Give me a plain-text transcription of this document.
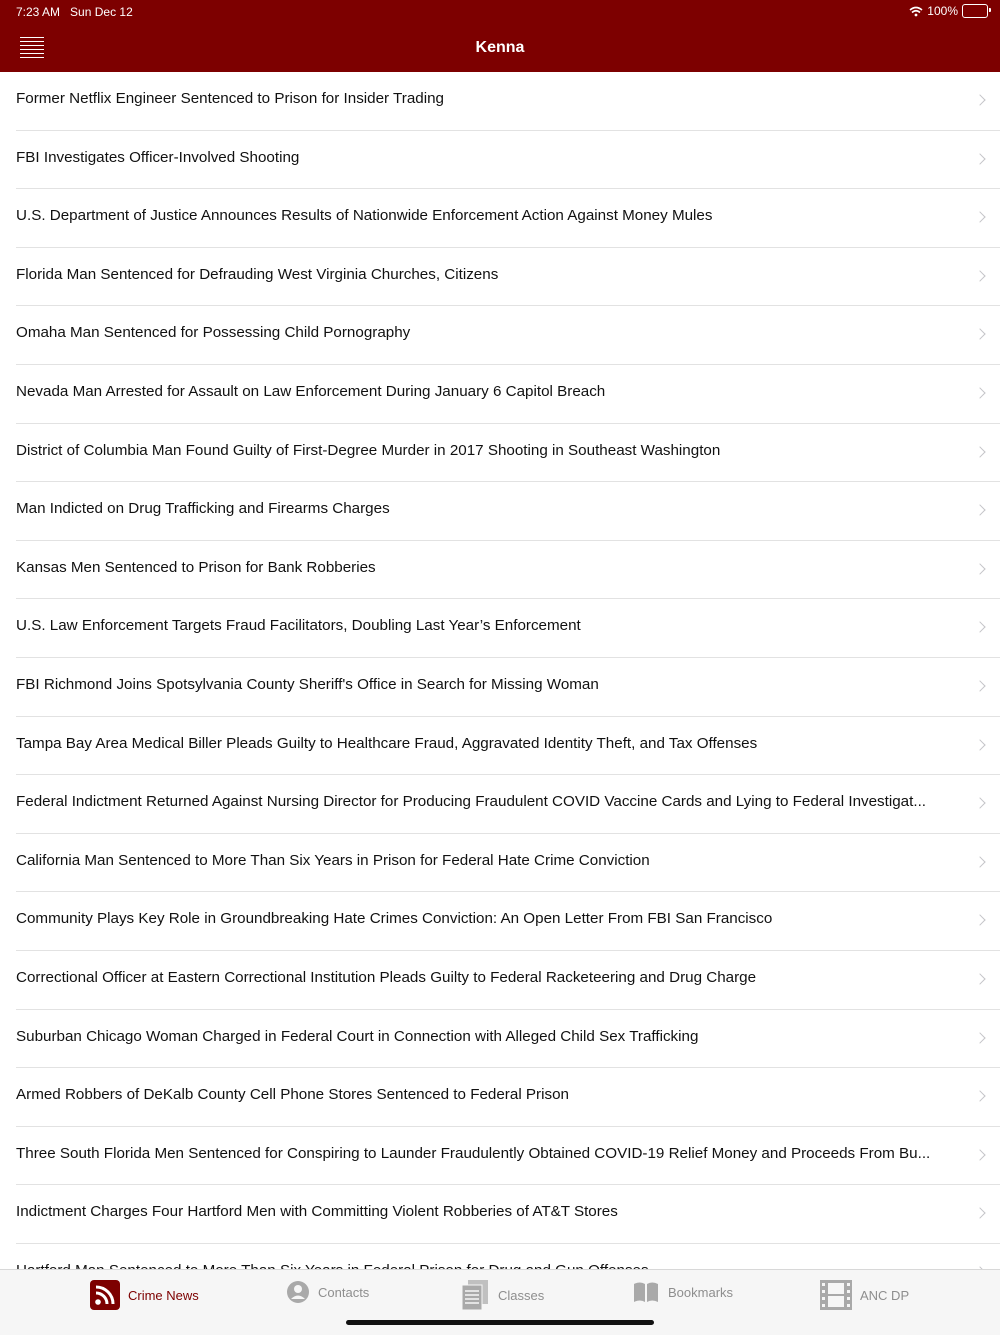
7:23 AM Sun Dec 12	100%
Kenna
Former Netflix Engineer Sentenced to Prison for Insider Trading
FBI Investigates Officer-Involved Shooting
U.S. Department of Justice Announces Results of Nationwide Enforcement Action Against Money Mules
Florida Man Sentenced for Defrauding West Virginia Churches, Citizens
Omaha Man Sentenced for Possessing Child Pornography
Nevada Man Arrested for Assault on Law Enforcement During January 6 Capitol Breach
District of Columbia Man Found Guilty of First-Degree Murder in 2017 Shooting in Southeast Washington
Man Indicted on Drug Trafficking and Firearms Charges
Kansas Men Sentenced to Prison for Bank Robberies
U.S. Law Enforcement Targets Fraud Facilitators, Doubling Last Year’s Enforcement
FBI Richmond Joins Spotsylvania County Sheriff's Office in Search for Missing Woman
Tampa Bay Area Medical Biller Pleads Guilty to Healthcare Fraud, Aggravated Identity Theft, and Tax Offenses
Federal Indictment Returned Against Nursing Director for Producing Fraudulent COVID Vaccine Cards and Lying to Federal Investigat...
California Man Sentenced to More Than Six Years in Prison for Federal Hate Crime Conviction
Community Plays Key Role in Groundbreaking Hate Crimes Conviction: An Open Letter From FBI San Francisco
Correctional Officer at Eastern Correctional Institution Pleads Guilty to Federal Racketeering and Drug Charge
Suburban Chicago Woman Charged in Federal Court in Connection with Alleged Child Sex Trafficking
Armed Robbers of DeKalb County Cell Phone Stores Sentenced to Federal Prison
Three South Florida Men Sentenced for Conspiring to Launder Fraudulently Obtained COVID-19 Relief Money and Proceeds From Bu...
Indictment Charges Four Hartford Men with Committing Violent Robberies of AT&T Stores
Crime News	Contacts	Classes	Bookmarks	ANC DP
